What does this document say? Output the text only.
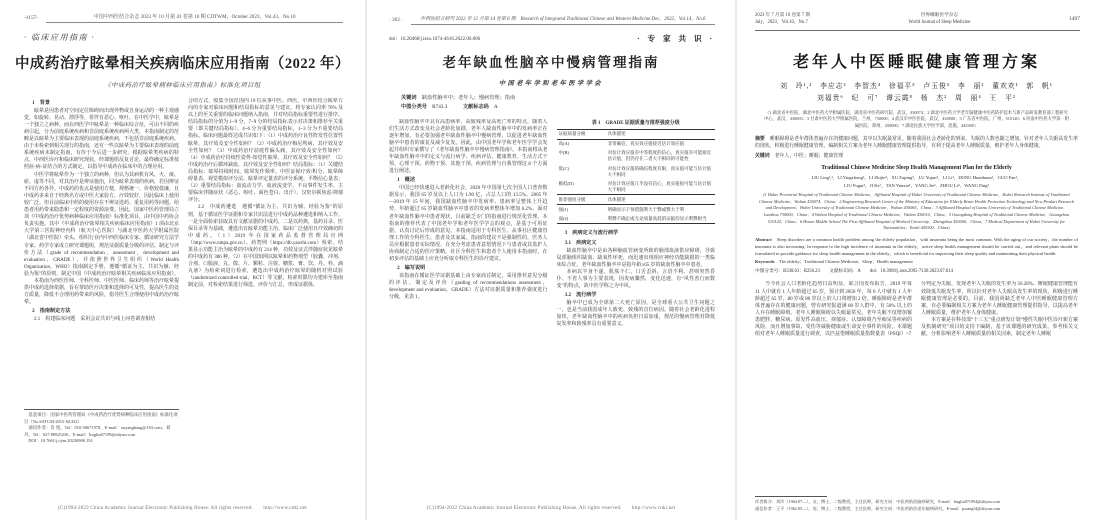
-1157-	中国中西医结合杂志 2023 年 10 月第 43 卷第 10 期 CJITWM，October 2023，Vol.43，No.10
· 临床应用指南 ·
中成药治疗眩晕相关疾病临床应用指南（2022 年）
《中成药治疗眩晕病种临床应用指南》标准化项目组
1　背景

眩晕是因患者对空间定位障碍而出现外物或自身运动的一种主观感觉，如旋转、晃动、漂浮等，常伴有恶心、呕吐。在中医学中，眩晕是一个独立之病种，而在西医学中眩晕是一种临床综合征，可由不同的疾病引起，分为前庭系统疾病和非前庭系统疾病两大类。本指南制定的范畴是以眩晕为主要临床表现的前庭系统疾病，不包括非前庭系统疾病。由于未检索到相关现行的指南，还有一些以眩晕为主要临床表现的前庭系统疾病未制定指南，有待于今后进一步研究。根据眩晕类疾病的特点、中西医诊疗和临床研究现状，经课题组反复讨论，最终确定标准按照症-病-证结合的方式制定，以指导中成药在临床中的合理应用。

中医学将眩晕作为一个独立的病种，但认为其病机有风、火、痰、瘀、虚等不同，对其治疗是辨证施治，同为眩晕表现的疾病，若因辨证不同方药各异。中成药的优点是使用方便、规格统一、价格较低廉，且中成药多来自于经典名方或中医大家验方，疗效较好，因此临床上使用较广泛。但目前临床中药的使用存在不辨证选药、重复用药等问题，给患者用药带来隐患和一定程度的资源浪费。因此，国家中医药管理局立项《中成药治疗优势病种临床应用指南》标准化项目，由中国中药协会负责实施。其中《中成药治疗眩晕相关疾病临床应用指南》1 项由北京大学第三医院神经内科（航天中心医院）与湖北中医药大学附属医院（湖北省中医院）牵头，组织行业内中西医临床专家、循证研究方法学专家、药学专家成立研究课题组，规范证据质量分级的评估、制定与评价方法（grade of recommendation，assessment，development and evaluation，GRADE），并依照世界卫生组织（World Health Organization，WHO）指南制定手册，遵循“循证为主、共识为辅、经验为鉴”的原则，制定中国《中成药治疗眩晕相关疾病临床应用指南》。

本指南为西医医师、全科医师、中医医师、临床药师等治疗眩晕提供中成药选择依据，旨在帮助医疗决策和选择的可及性，提高医生的处方质量，降低不合理用药带来的风险，指导医生合理使用中成药治疗眩晕。

2　指南制定方法

2.1　构建临床问题　采用会议共识与线上问卷调查相结

基金项目：国家中医药管理局《中成药治疗优势病种临床应用指南》标准化项目（No.SATCM-2015-SZ432）

通讯作者：肖 旭，Tel：010-58671978，E-mail：xuyanghang@163.com；刘 丹，Tel：027-88925230，E-mail：lingliu67199@aliyun.com

DOI：10.7661/j.cjim.20230906.154

合的方式，收集全国范围内 19 位从事中医、西医、中西医结合眩晕方向的专家对临床问题和结局指标的意见与建议，将专家认同率 70% 及以上的至关重要的临床问题纳入指南，并对结局指标重要性进行排序。结局指标的分值为 1~9 分，7~9 分的结局指标表示对决策和推荐至关重要（即关键结局指标），4~6 分为重要结局指标，1~3 分为不重要结局指标。临床问题最终达成共识如下：（1）中成药治疗良性阵发性位置性眩晕，其疗效及安全性如何？（2）中成药治疗梅尼埃病，其疗效及安全性如何？（3）中成药治疗前庭性偏头痛，其疗效及安全性如何？（4）中成药治疗持续性姿势-知觉性眩晕，其疗效及安全性如何？（5）中成药治疗后循环缺血，其疗效及安全性如何？结局指标：（1）关键结局指标：眩晕持续时间、眩晕发作频率、中医证候疗效/积分、眩晕障碍量表、视觉模拟评分法、眩晕评定量表的评分系统、平衡信心量表；

（2）重要结局指标：血流动力学、血液流变学、不良事件发生率、主要临床伴随症状（恶心、呕吐、面色苍白、出汗）、汉密尔顿焦虑/抑郁评分。

2.2　中成药遴选　遵循“循证为主、共识为辅、经验为鉴”的原则，基于循证医学证据和专家共识法进行中成药品种遴选和纳入工作。一是全面检索获取具有文献证据的中成药，二是以药典、基药目录、医保目录等为基础，遴选出有眩晕功能主治、临床广泛使用且疗效确切的中成药。（1）2019 年在国家药品监督管理局官网（http://www.nmpa.gov.cn）、药智网（https://db.yaozhi.com）检索，结果显示功能主治为眩晕的中成药有 214 种，功效及证式伴随症状见眩晕的中成药有 386 种。（2）在中国知网以眩晕和药物剂型（胶囊、冲剂、合剂、口服液、丸、散、片、颗粒、注射、糖浆、膏、饮、丹、栓、滴丸液）为检索词进行检索，遴选出中成药治疗眩晕的随机对照试验（randomized controlled trial，RCT）等文献，检索时限均为建库至指南制定前，对检索结果进行筛选、评价与汇总，形成证据体。

(C)1994-2023 China Academic Journal Electronic Publishing House. All rights reserved.　　http://www.cnki.net
· 302 ·	中西医结合研究 2022 年 12 月第 14 卷第 6 期　Research of Integrated Traditional Chinese and Western Medicine Dec，2022，Vol.14，No.6
doi：10.20468/j.issn.1674-4616.2022.06.006	· 专 家 共 识 ·
老年缺血性脑卒中慢病管理指南
中国老年学和老年医学学会
关键词　 缺血性脑卒中；老年人；慢病管理；指南
中图分类号　 R743.3　　　	文献标志码　 A

缺血性脑卒中具有高患病率、高致残率及高死亡率的特点，随着人们生活方式改变及社会老龄化加剧，老年人缺血性脑卒中的发病率正在逐年增加，有必要加强老年缺血性脑卒中慢病管理，以促进老年缺血性脑卒中患者的康复及减少复发。因此，由中国老年学和老年医学学会发起并组织专家撰写了《老年缺血性脑卒中慢病管理指南》。本指南将从老年缺血性脑卒中的定义与流行病学、疾病评估、健康教育、生活方式干预、心理干预、药物干预、其他干预、疾病管理与自我管理这 8 个方面进行阐述。

1　概述

中国已经快速进入老龄化社会，2020 年中国第七次全国人口普查数据显示，我国 65 岁及以上人口为 1.90 亿，占总人口的 13.5%。2005 年—2019 年 15 年间，我国缺血性脑卒中发病率、患病率呈整体上升趋势，年龄超过 65 岁缺血性脑卒中患者的发病率整体年增加 6.2%。面对老年缺血性脑卒中患者现状，目前缺乏专门的指南进行规范化管理。本指南的推荐代表了中国老年学和老年医学学会的观点，是基于可用证据，认真讨论后形成的意见。本指南适用于专科医生、从事社区健康管理工作的全科医生、患者及其家属。指南的建议不是强制性的，医务人员应根据患者实际情况，在充分考虑患者意愿情况下与患者或其监护人协商制定合适的医疗策略。社区全科医生和患者个人使用本指南时，在初步评估的基础上应充分听取专科医生的诊疗建议。

2　编写说明

该指南在循证医学证据基础上由专家商讨制定，采用推荐意见分级的评估、制定及评价（grading of recommendations assessment，development and evaluation，GRADE）方法对证据质量和推荐强度进行分级，见表 1。

表 1　GRADE 证据质量与推荐强度分级
证据质量分级	具体描述
高(A)	非常确信，真实效应值接近估计效应值
中(B)	对估计效应值有中等程度的信心，真实值有可能接近估计值，但仍存在二者大不相同的可能性
低(C)	对估计效应值的确信程度有限，真实值可能与估计值大不相同
极低(D)	对估计效应值几乎没有信心，真实值很可能与估计值大不相同
推荐强度分级	具体描述
强(1)	明确显示干预措施利大于弊或弊大于利
弱(2)	利弊不确定或无论质量高低的证据均显示利弊相当
3　疾病定义与流行病学
3.1　疾病定义

缺血性脑卒中是由各种脑血管病变所致的脑部血液供应障碍，导致局部脑组织缺血、缺氧性坏死，而迅速出现相应神经功能缺损的一类临床综合征。老年缺血性脑卒中是指年龄≥65 岁的缺血性脑卒中患者。

本病以半身不遂、肌肤不仁、口舌歪斜、言语不利、甚则突然昏仆、不省人事为主要表现，因发病骤然、变化迅速，有“风性善行而数变”的特点，故中医学称之为中风。

3.2　流行病学

脑卒中已成为全球第二大死亡原因，是全球重大公共卫生问题之一，也是当前我国成年人致死、致残的首位病因。随着社会老龄化进程加快，老年缺血性脑卒中的疾病负担日益加重，规范的慢病管理对降低复发率和致残率具有重要意义。

(C)1994-2022 China Academic Journal Electronic Publishing House. All rights reserved.　　http://www.cnki.net
2023 年 7 月第 10 卷第 7 期
July，2023，Vol.10，No.7
世界睡眠医学杂志
World Journal of Sleep Medicine
1497
老年人中医睡眠健康管理方案
刘　玲¹,²　李应志³　李智杰⁴　徐福平⁵　卢玉俊⁵　李　丽²　董欢欢¹　郭　帆¹
刘福贵⁶　纪　可⁷　谭云霞⁸　杨　杰²　周　丽⁴　王　平²
（1 湖北省中医院，湖北中医药大学附属医院，湖北省中医药研究院，武汉，430074；2 湖北中医药大学老年脑健康中医药防护技术与新产品研发教育部工程研究中心，武汉，430065；3 甘肃中医药大学附属医院，兰州，730000；4 武汉市中医医院，武汉，430000；5 广东省中医院，广州，510120；6 河南中医药大学第一附属医院，郑州，450000；7 湖北民族大学医学部，恩施，445300）
摘要　 睡眠障碍是老年群体普遍存在的健康问题，其中以失眠最常见。随着我国社会老龄化的到来，失眠的人数也随之增加。针对老年人失眠高发生率的现状，积极进行睡眠健康管理，编制相关方案为老年人睡眠健康管理提供指导，有利于提高老年人睡眠质量，维护老年人身体健康。
关键词　 老年人；中医；睡眠；健康管理
Traditional Chinese Medicine Sleep Health Management Plan for the Elderly
LIU Ling¹,²，LI Yingzhong³，LI Zhijie⁴，XU Fuping⁵，LU Yujun⁵，LI Li²，DONG Huanhuan¹，GUO Fan¹，
LIU Fugui⁶，JI Ke⁷，TAN Yunxia⁸，YANG Jie²，ZHOU Li⁴，WANG Ping²
(1 Hubei Provincial Hospital of Traditional Chinese Medicine，Affiliated Hospital of Hubei University of Traditional Chinese Medicine，Hubei Research Institute of Traditional Chinese Medicine，Wuhan 430074，China；2 Engineering Research Center of the Ministry of Education for Elderly Brain Health Protection Technology and New Product Research and Development，Hubei University of Traditional Chinese Medicine，Wuhan 430065，China；3 Affiliated Hospital of Gansu University of Traditional Chinese Medicine，Lanzhou 730000，China；4 Wuhan Hospital of Traditional Chinese Medicine，Wuhan 430010，China；5 Guangdong Hospital of Traditional Chinese Medicine，Guangzhou 510120，China；6 Henan Middle School The First Affiliated Hospital of Medical University，Zhengzhou 450000，China；7 Medical Department of Hubei University for Nationalities，Enshi 445300，China)
Abstract　 Sleep disorders are a common health problem among the elderly population，with insomnia being the most common. With the aging of our society，the number of insomnia is also increasing. In response to the high incidence of insomnia in the elderly，active sleep health management should be carried out，and relevant plans should be formulated to provide guidance for sleep health management in the elderly，which is beneficial for improving their sleep quality and maintaining their physical health.
Keywords　 The elderly；Traditional Chinese Medicine；Sleep；Health management
中图分类号：R338.63；R256.23　　文献标识码：A　　doi：10.3969/j.issn.2095-7130.2023.07.014

当今社会人口老龄化趋势日益明显，联合国发布报告，2019 年每 11 人中就有 1 人年龄超过 65 岁，预计到 2050 年，每 6 人中就有 1 人年龄超过 65 岁，80 岁或 80 岁以上的人口将增加 2 倍。睡眠障碍是老年群体普遍存在的健康问题，曾有研究报道满 60 岁人群中，有 50% 以上的人存在睡眠障碍。老年人睡眠障碍以失眠最常见。老年失眠不仅增加罹患肥胖、糖尿病、原发性高血压、抑郁症、认知障碍乃至痴呆等疾病的风险，而且增加事故、受伤等威胁健康或生命安全事件的风险。本课题组对老年人睡眠质量进行调查，以匹兹堡睡眠质量指数量表（PSQI）>7

分判定为失眠，发现老年人失眠的发生率为 56.28%。睡眠健康管理能有效降低失眠发生率，所以针对老年人失眠高发生率的现状，积极进行睡眠健康管理是必要的。目前，我国尚缺乏老年人中医睡眠健康管理方案，有必要编制相关方案为老年人睡眠健康管理提供指导，以提高老年人睡眠质量，维护老年人身体健康。

本方案是在科技部“十三五”重点研发计划“慢性失眠中医诊疗新方案及机制研究”项目的支持下编制，基于该课题的研究成果，参考相关文献，分析影响老年人睡眠质量的相关因素，制定老年人睡眠

作者简介：刘玲（1964.07—），女，博士，二级教授，主任医师，研究方向：中医药防治脑病研究，E-mail：lingliu071994@aliyun.com
通信作者：王平（1962.05—），男，博士，二级教授，主任医师，研究方向：中医药防治老年脑病研究，E-mail：pwang54@aliyun.com
